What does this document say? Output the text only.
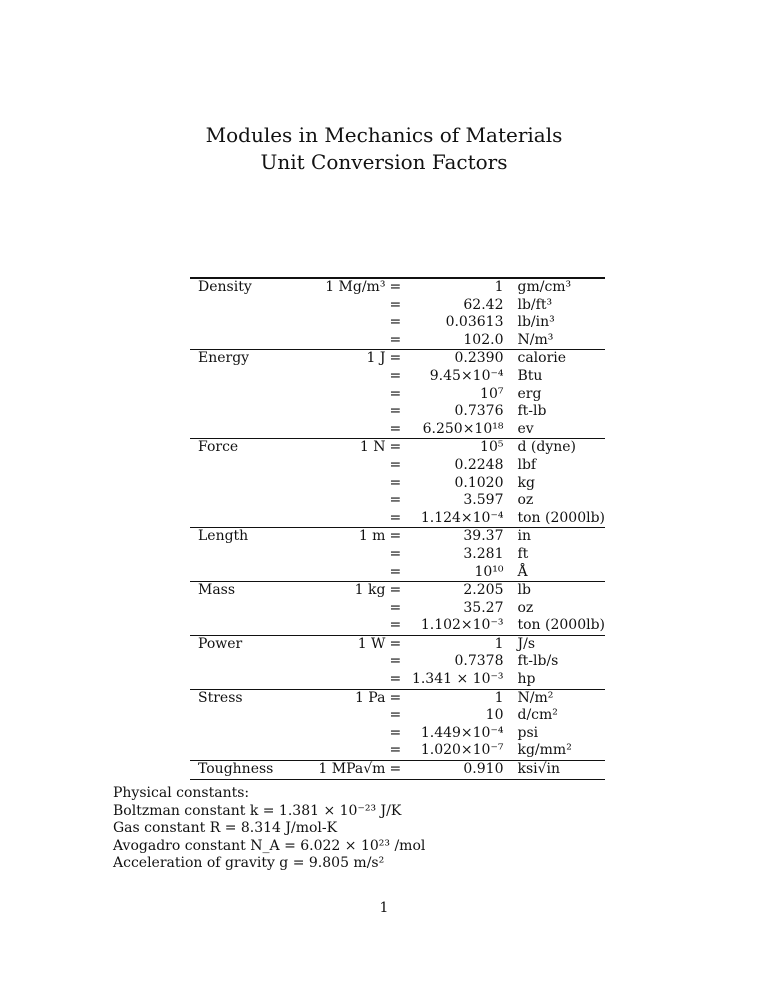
Modules in Mechanics of Materials
Unit Conversion Factors
Density	1 Mg/m³	=	1	gm/cm³
		=	62.42	lb/ft³
		=	0.03613	lb/in³
		=	102.0	N/m³
Energy	1 J	=	0.2390	calorie
		=	9.45×10⁻⁴	Btu
		=	10⁷	erg
		=	0.7376	ft-lb
		=	6.250×10¹⁸	ev
Force	1 N	=	10⁵	d (dyne)
		=	0.2248	lbf
		=	0.1020	kg
		=	3.597	oz
		=	1.124×10⁻⁴	ton (2000lb)
Length	1 m	=	39.37	in
		=	3.281	ft
		=	10¹⁰	Å
Mass	1 kg	=	2.205	lb
		=	35.27	oz
		=	1.102×10⁻³	ton (2000lb)
Power	1 W	=	1	J/s
		=	0.7378	ft-lb/s
		=	1.341 × 10⁻³	hp
Stress	1 Pa	=	1	N/m²
		=	10	d/cm²
		=	1.449×10⁻⁴	psi
		=	1.020×10⁻⁷	kg/mm²
Toughness	1 MPa√m	=	0.910	ksi√in
Physical constants:
Boltzman constant k = 1.381 × 10⁻²³ J/K
Gas constant R = 8.314 J/mol-K
Avogadro constant N_A = 6.022 × 10²³ /mol
Acceleration of gravity g = 9.805 m/s²
1
